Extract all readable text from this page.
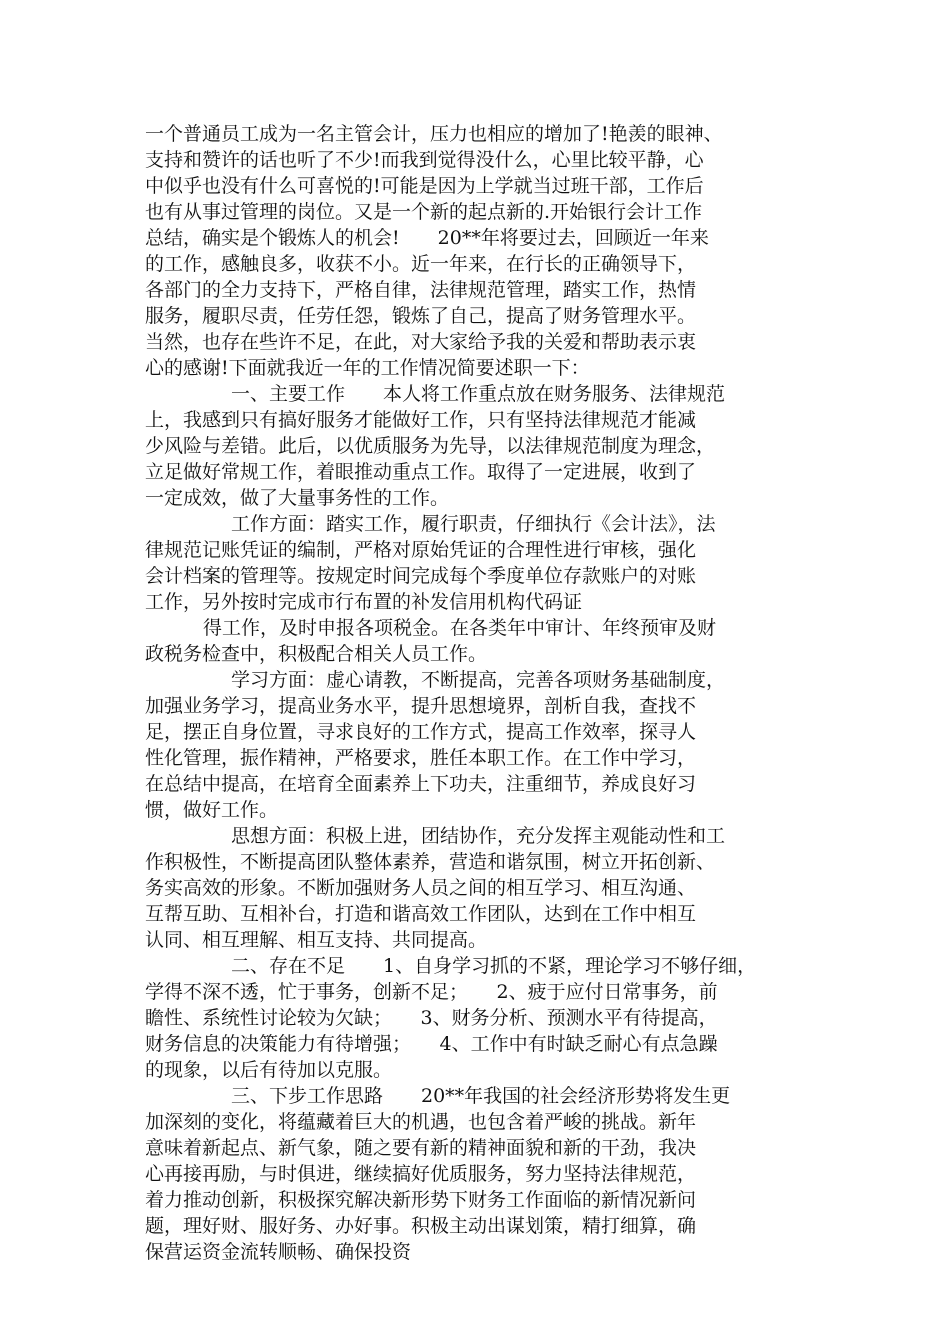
一个普通员工成为一名主管会计，压力也相应的增加了!艳羡的眼神、
支持和赞许的话也听了不少!而我到觉得没什么，心里比较平静，心
中似乎也没有什么可喜悦的!可能是因为上学就当过班干部，工作后
也有从事过管理的岗位。又是一个新的起点新的.开始银行会计工作
总结，确实是个锻炼人的机会!　　20**年将要过去，回顾近一年来
的工作，感触良多，收获不小。近一年来，在行长的正确领导下，
各部门的全力支持下，严格自律，法律规范管理，踏实工作，热情
服务，履职尽责，任劳任怨，锻炼了自己，提高了财务管理水平。
当然，也存在些许不足，在此，对大家给予我的关爱和帮助表示衷
心的感谢!下面就我近一年的工作情况简要述职一下：
一、主要工作　　本人将工作重点放在财务服务、法律规范
上，我感到只有搞好服务才能做好工作，只有坚持法律规范才能减
少风险与差错。此后，以优质服务为先导，以法律规范制度为理念，
立足做好常规工作，着眼推动重点工作。取得了一定进展，收到了
一定成效，做了大量事务性的工作。
工作方面：踏实工作，履行职责，仔细执行《会计法》，法
律规范记账凭证的编制，严格对原始凭证的合理性进行审核，强化
会计档案的管理等。按规定时间完成每个季度单位存款账户的对账
工作，另外按时完成市行布置的补发信用机构代码证
得工作，及时申报各项税金。在各类年中审计、年终预审及财
政税务检查中，积极配合相关人员工作。
学习方面：虚心请教，不断提高，完善各项财务基础制度，
加强业务学习，提高业务水平，提升思想境界，剖析自我，查找不
足，摆正自身位置，寻求良好的工作方式，提高工作效率，探寻人
性化管理，振作精神，严格要求，胜任本职工作。在工作中学习，
在总结中提高，在培育全面素养上下功夫，注重细节，养成良好习
惯，做好工作。
思想方面：积极上进，团结协作，充分发挥主观能动性和工
作积极性，不断提高团队整体素养，营造和谐氛围，树立开拓创新、
务实高效的形象。不断加强财务人员之间的相互学习、相互沟通、
互帮互助、互相补台，打造和谐高效工作团队，达到在工作中相互
认同、相互理解、相互支持、共同提高。
二、存在不足　　1、自身学习抓的不紧，理论学习不够仔细，
学得不深不透，忙于事务，创新不足；　　2、疲于应付日常事务，前
瞻性、系统性讨论较为欠缺；　　3、财务分析、预测水平有待提高，
财务信息的决策能力有待增强；　　4、工作中有时缺乏耐心有点急躁
的现象，以后有待加以克服。
三、下步工作思路　　20**年我国的社会经济形势将发生更
加深刻的变化，将蕴藏着巨大的机遇，也包含着严峻的挑战。新年
意味着新起点、新气象，随之要有新的精神面貌和新的干劲，我决
心再接再励，与时俱进，继续搞好优质服务，努力坚持法律规范，
着力推动创新，积极探究解决新形势下财务工作面临的新情况新问
题，理好财、服好务、办好事。积极主动出谋划策，精打细算，确
保营运资金流转顺畅、确保投资
